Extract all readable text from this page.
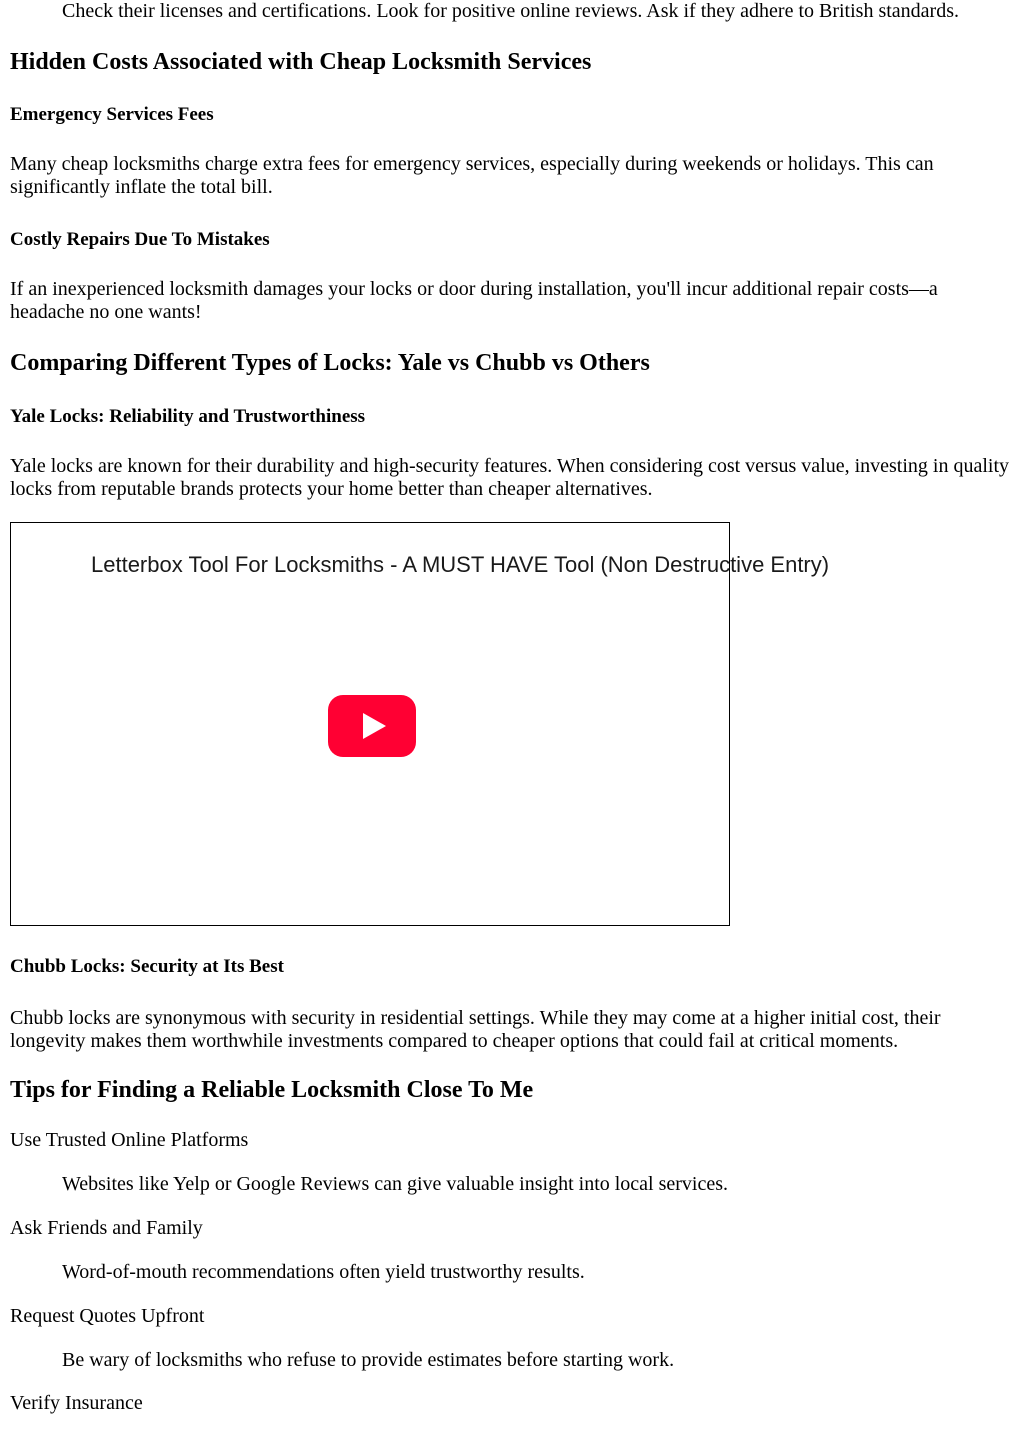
Check their licenses and certifications. Look for positive online reviews. Ask if they adhere to British standards.

Hidden Costs Associated with Cheap Locksmith Services
Emergency Services Fees

Many cheap locksmiths charge extra fees for emergency services, especially during weekends or holidays. This can significantly inflate the total bill.

Costly Repairs Due To Mistakes

If an inexperienced locksmith damages your locks or door during installation, you'll incur additional repair costs—a headache no one wants!

Comparing Different Types of Locks: Yale vs Chubb vs Others
Yale Locks: Reliability and Trustworthiness

Yale locks are known for their durability and high-security features. When considering cost versus value, investing in quality locks from reputable brands protects your home better than cheaper alternatives.

Letterbox Tool For Locksmiths - A MUST HAVE Tool (Non Destructive Entry)
Chubb Locks: Security at Its Best

Chubb locks are synonymous with security in residential settings. While they may come at a higher initial cost, their longevity makes them worthwhile investments compared to cheaper options that could fail at critical moments.

Tips for Finding a Reliable Locksmith Close To Me
Use Trusted Online Platforms
Websites like Yelp or Google Reviews can give valuable insight into local services.
Ask Friends and Family
Word-of-mouth recommendations often yield trustworthy results.
Request Quotes Upfront
Be wary of locksmiths who refuse to provide estimates before starting work.
Verify Insurance
